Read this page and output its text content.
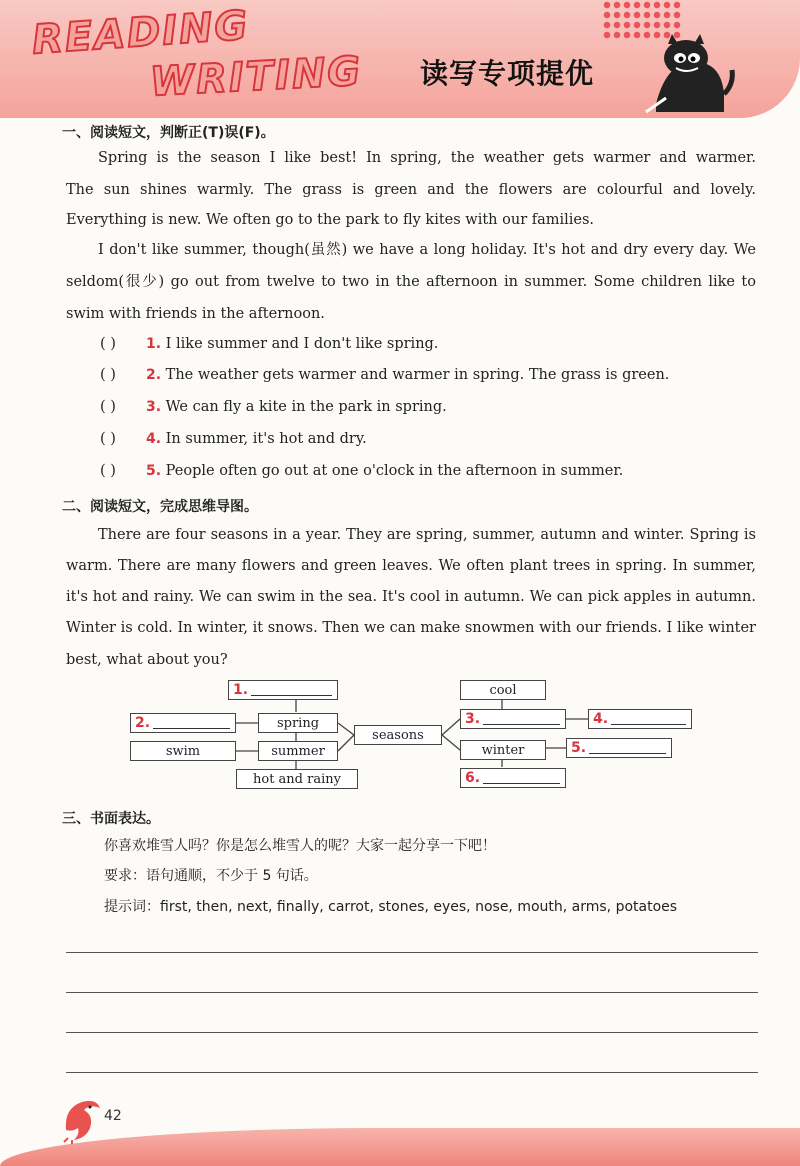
READING
WRITING 读写专项提优
一、阅读短文，判断正(T)误(F)。
Spring is the season I like best! In spring, the weather gets warmer and warmer.
The sun shines warmly. The grass is green and the flowers are colourful and lovely.
Everything is new. We often go to the park to fly kites with our families.
I don't like summer, though(虽然) we have a long holiday. It's hot and dry every day. We
seldom(很少) go out from twelve to two in the afternoon in summer. Some children like to
swim with friends in the afternoon.
( ) 1. I like summer and I don't like spring.
( ) 2. The weather gets warmer and warmer in spring. The grass is green.
( ) 3. We can fly a kite in the park in spring.
( ) 4. In summer, it's hot and dry.
( ) 5. People often go out at one o'clock in the afternoon in summer.
二、阅读短文，完成思维导图。
There are four seasons in a year. They are spring, summer, autumn and winter. Spring is
warm. There are many flowers and green leaves. We often plant trees in spring. In summer,
it's hot and rainy. We can swim in the sea. It's cool in autumn. We can pick apples in autumn.
Winter is cold. In winter, it snows. Then we can make snowmen with our friends. I like winter
best, what about you?
1.
2.	spring
swim	summer
hot and rainy
seasons
cool
3.	4.
winter	5.
6.
三、书面表达。
你喜欢堆雪人吗？你是怎么堆雪人的呢？大家一起分享一下吧！
要求：语句通顺，不少于 5 句话。
提示词：first, then, next, finally, carrot, stones, eyes, nose, mouth, arms, potatoes
42
